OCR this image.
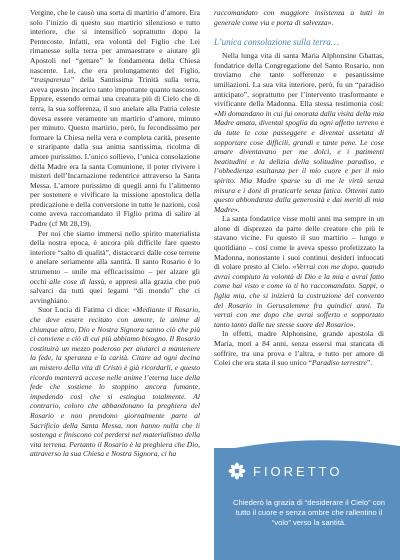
Vergine, che le causò una sorta di martirio d’amore. Era solo l’inizio di questo suo martirio silenzioso e tutto interiore, che si intensificò soprattutto dopo la Pentecoste. Infatti, era volontà del Figlio che Lei rimanesse sulla terra per ammaestrare e aiutare gli Apostoli nel “gettare” le fondamenta della Chiesa nascente. Lei, che era prolungamento del Figlio, “trasparenza” della Santissima Trinità sulla terra, aveva questo incarico tanto importante quanto nascosto. Eppure, essendo ormai una creatura più di Cielo che di terra, la sua sofferenza, il suo anelare alla Patria celeste dovesa essere veramente un martirio d’amore, minuto per minuto. Questo martirio, però, fu fecondissimo per formare la Chiesa nella vera e completa carità, presente e straripante dalla sua anima santissima, ricolma di amore purissimo. L’unico sollievo, l’unica consolazione della Madre era la santa Comunione, il poter rivivere i misteri dell’Incarnazione redentrice attraverso la Santa Messa. L’amore purissimo di quegli anni fu l’alimento per sostenere e vivificare la missione apostolica della predicazione e della conversione in tutte le nazioni, così come aveva raccomandato il Figlio prima di salire al Padre (cf Mt 28,19).

Per noi che siamo immersi nello spirito materialista della nostra epoca, è ancora più difficile fare questo interiore “salto di qualità”, distaccarci dalle cose terrene e anelare seriamente alla santità. Il santo Rosario è lo strumento – unile ma efficacissimo – per alzare gli occhi alle cose di lassù, e appresi alla grazia che può salvarci da tutti quei legami “di mondo” che ci avvinghiano.

Suor Lucia di Fatima ci dice: «Mediante il Rosario, che deve essere recitato con amore, le anime di chiunque altro, Dio e Nostra Signora sanno ciò che più ci conviene e ciò di cui più abbiamo bisogno. Il Rosario costituirà un mezzo poderoso per aiutarci a mantenere la fede, la speranza e la carità. Citare ad ogni decina un mistero della vita di Cristo è già ricordarli, e questo ricordo manterrà accese nelle anime l’eterna luce della fede che sostiene lo stoppino ancora fumante, impedendo così che si estingua totalmente. Al contrario, coloro che abbandonano la preghiera del Rosario e non prendono giornalmente parte al Sacrificio della Santa Messa, non hanno nulla che li sostenga e finiscono col perdersi nel materialismo della vita terrena. Pertanto il Rosario è la preghiera che Dio, attraverso la sua Chiesa e Nostra Signora, ci ha

raccomandato con maggiore insistenza a tutti in generale come via e porta di salvezza».

L’unica consolazione sulla terra…

Nella lunga vita di santa Maria Alphonsine Ghattas, fondatrice della Congregazione del Santo Rosario, non troviamo che tante sofferenze e pesantissime umiliazioni. La sua vita interiore, però, fu un “paradiso anticipato”, soprattutto per l’intervento trasformante e vivificante della Madonna. Ella stessa testimonia così: «Mi domandano in cui fui onorata dalla visita della mia Madre amata, diventai spoglia da ogni affetto terreno e da tutte le cose passeggere e diventai assetata di sopportare cose difficili, grandi e tante pene. Le cose amare diventavano per me dolci, e i patimenti beatitudini e la delizia della solitudine paradiso, e l’obbedienza esultanza per il mio cuore e per il mio spirito. Mia Madre sparse su di me le virtù senza misura e i doni di praticarle senza fatica. Ottenni tutto questo abbondanza dalla generosità e dai meriti di mia Madre».

La santa fondatrice visse molti anni ma sempre in un alone di disprezzo da parte delle creature che più le stavano vicine. Fu questo il suo martirio – lungo e quotidiano – così come le aveva spesso profetizzato la Madonna, nonostante i suoi continui desideri infuocati di volare presto al Cielo. «Verrai con me dopo, quando avrai compiuto la volontà di Dio e la mia e avrai fatto come hai visto e come io ti ho raccomandato. Sappi, o figlia mia, che si inizierà la costruzione del convento del Rosario in Gerusalemme fra quindici anni. Tu verrai con me dopo che avrai sofferto e sopportato tanto tanto dalle tue stesse suore del Rosario».

In effetti, madre Alphonsine, grande apostola di Maria, morì a 84 anni, senza essersi mai stancata di soffrire, tra una prova e l’altra, e tutto per amore di Colei che era stata il suo unico “Paradiso terrestre”.

FIORETTO
Chiederò la grazia di “desiderare il Cielo” con tutto il cuore e senza ombre che rallentino il “volo” verso la santità.
